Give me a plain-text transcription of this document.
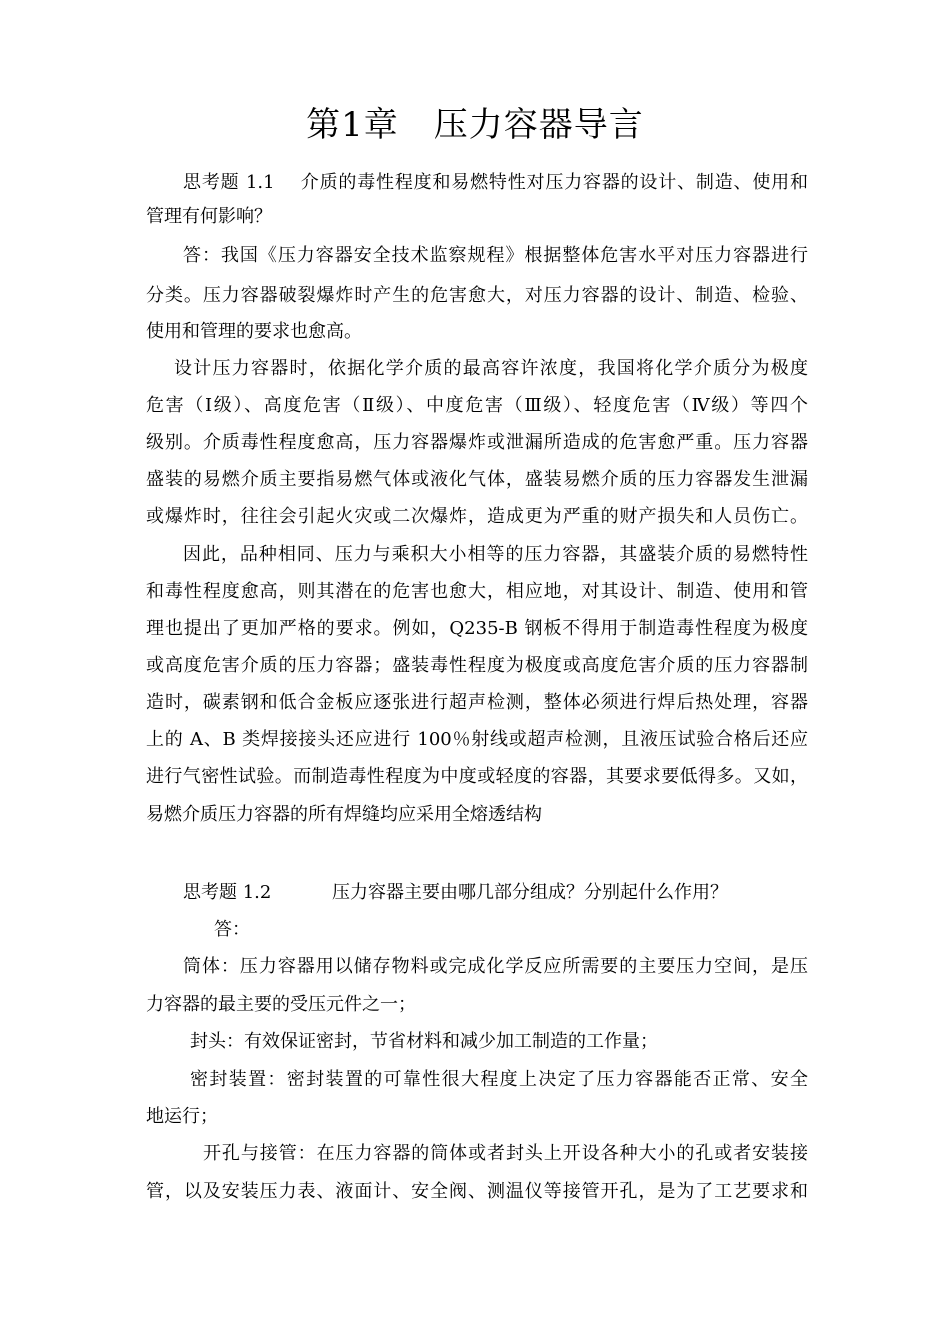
第1章　压力容器导言
思考题 1.1　 介质的毒性程度和易燃特性对压力容器的设计、制造、使用和
管理有何影响？
答：我国《压力容器安全技术监察规程》根据整体危害水平对压力容器进行
分类。压力容器破裂爆炸时产生的危害愈大，对压力容器的设计、制造、检验、
使用和管理的要求也愈高。
设计压力容器时，依据化学介质的最高容许浓度，我国将化学介质分为极度
危害（Ⅰ级）、高度危害（Ⅱ级）、中度危害（Ⅲ级）、轻度危害（Ⅳ级）等四个
级别。介质毒性程度愈高，压力容器爆炸或泄漏所造成的危害愈严重。压力容器
盛装的易燃介质主要指易燃气体或液化气体，盛装易燃介质的压力容器发生泄漏
或爆炸时，往往会引起火灾或二次爆炸，造成更为严重的财产损失和人员伤亡。
因此，品种相同、压力与乘积大小相等的压力容器，其盛装介质的易燃特性
和毒性程度愈高，则其潜在的危害也愈大，相应地，对其设计、制造、使用和管
理也提出了更加严格的要求。例如，Q235-B 钢板不得用于制造毒性程度为极度
或高度危害介质的压力容器；盛装毒性程度为极度或高度危害介质的压力容器制
造时，碳素钢和低合金板应逐张进行超声检测，整体必须进行焊后热处理，容器
上的 A、B 类焊接接头还应进行 100％射线或超声检测，且液压试验合格后还应
进行气密性试验。而制造毒性程度为中度或轻度的容器，其要求要低得多。又如，
易燃介质压力容器的所有焊缝均应采用全熔透结构
思考题 1.2	压力容器主要由哪几部分组成？分别起什么作用？
答：
筒体：压力容器用以储存物料或完成化学反应所需要的主要压力空间，是压
力容器的最主要的受压元件之一；
封头：有效保证密封，节省材料和减少加工制造的工作量；
密封装置：密封装置的可靠性很大程度上决定了压力容器能否正常、安全
地运行；
开孔与接管：在压力容器的筒体或者封头上开设各种大小的孔或者安装接
管，以及安装压力表、液面计、安全阀、测温仪等接管开孔，是为了工艺要求和
